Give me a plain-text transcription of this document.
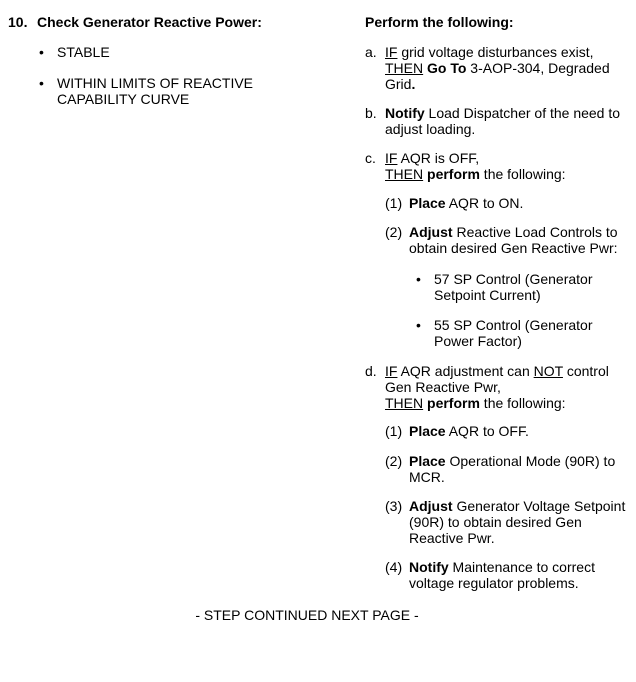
10. Check Generator Reactive Power:
• STABLE
• WITHIN LIMITS OF REACTIVE CAPABILITY CURVE
Perform the following:
a. IF grid voltage disturbances exist,
THEN Go To 3-AOP-304, Degraded
Grid.
b. Notify Load Dispatcher of the need to
adjust loading.
c. IF AQR is OFF,
THEN perform the following:
(1) Place AQR to ON.
(2) Adjust Reactive Load Controls to
obtain desired Gen Reactive Pwr:
• 57 SP Control (Generator
Setpoint Current)
• 55 SP Control (Generator
Power Factor)
d. IF AQR adjustment can NOT control
Gen Reactive Pwr,
THEN perform the following:
(1) Place AQR to OFF.
(2) Place Operational Mode (90R) to
MCR.
(3) Adjust Generator Voltage Setpoint
(90R) to obtain desired Gen
Reactive Pwr.
(4) Notify Maintenance to correct
voltage regulator problems.
- STEP CONTINUED NEXT PAGE -
